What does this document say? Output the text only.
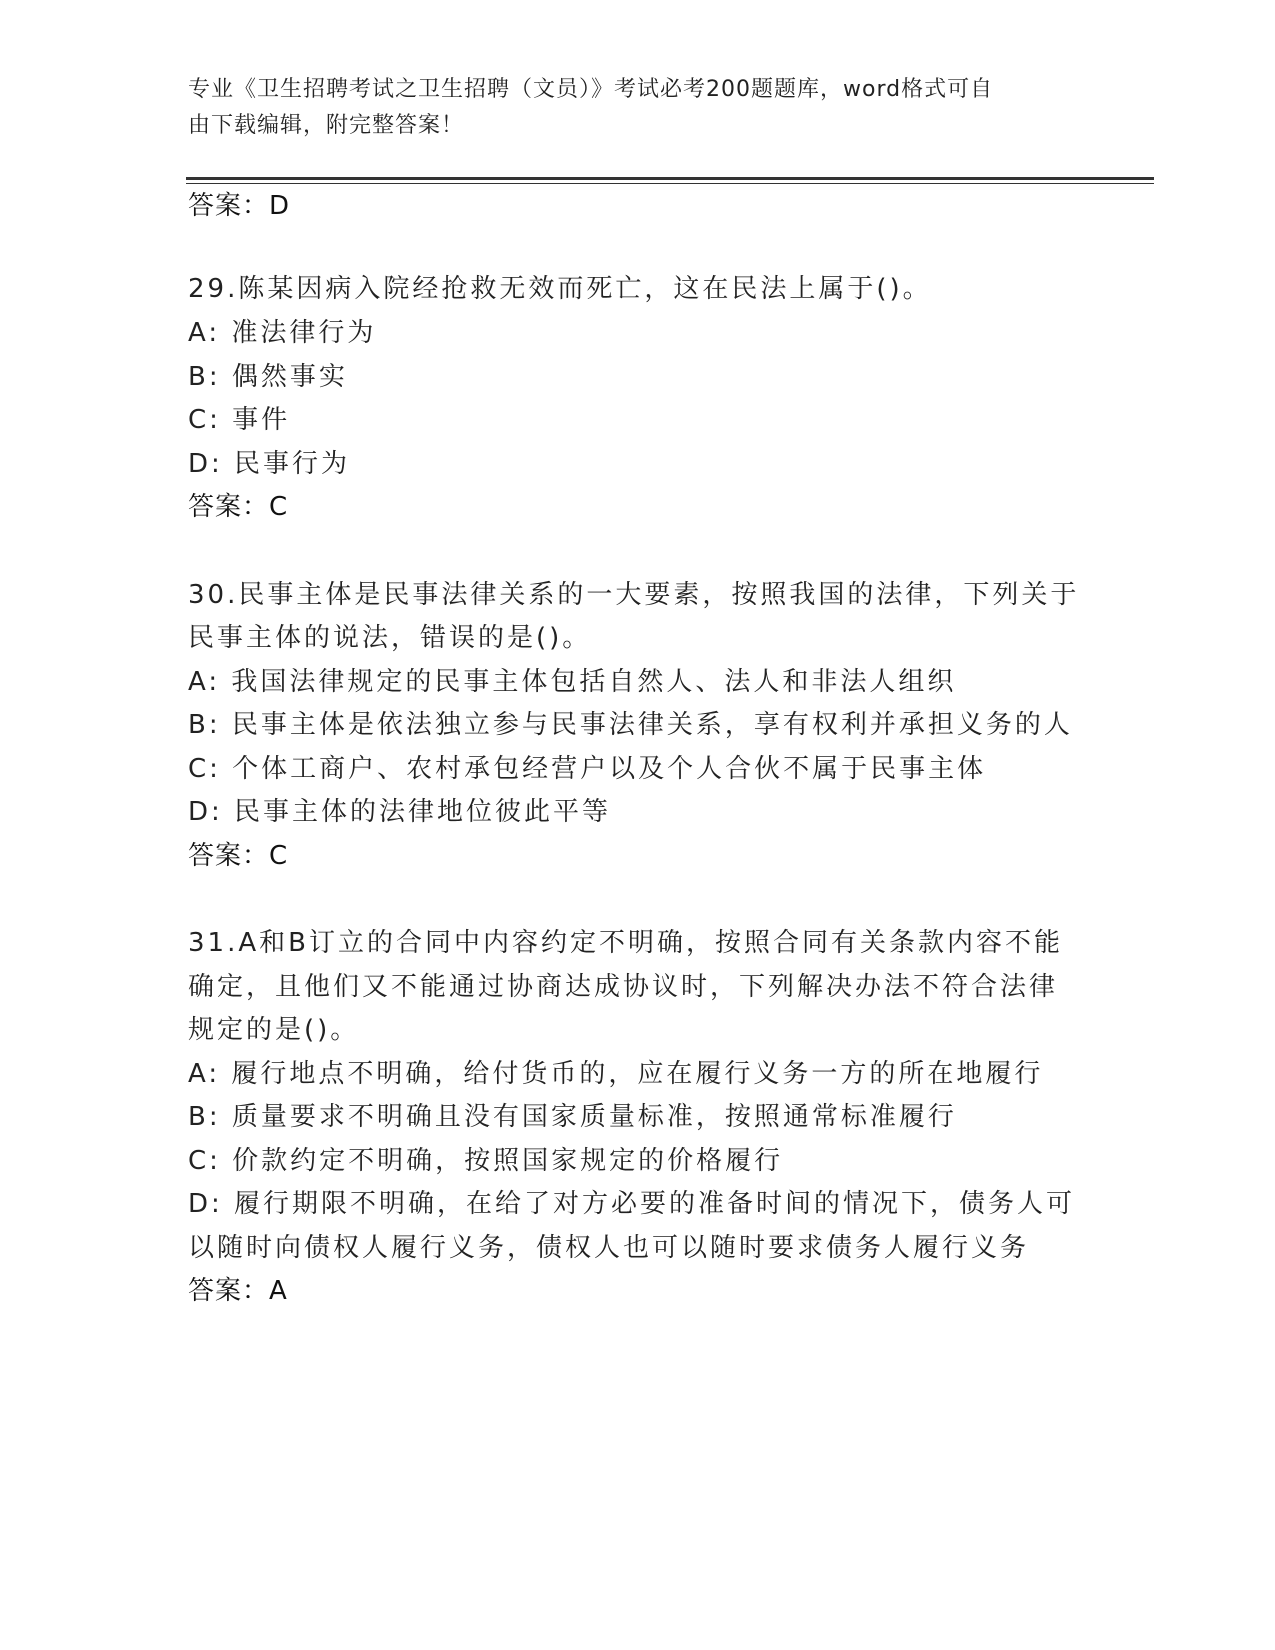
专业《卫生招聘考试之卫生招聘（文员）》考试必考200题题库，word格式可自
由下载编辑，附完整答案！
答案：D
29.陈某因病入院经抢救无效而死亡，这在民法上属于()。
A: 准法律行为
B: 偶然事实
C: 事件
D: 民事行为
答案：C
30.民事主体是民事法律关系的一大要素，按照我国的法律，下列关于
民事主体的说法，错误的是()。
A: 我国法律规定的民事主体包括自然人、法人和非法人组织
B: 民事主体是依法独立参与民事法律关系，享有权利并承担义务的人
C: 个体工商户、农村承包经营户以及个人合伙不属于民事主体
D: 民事主体的法律地位彼此平等
答案：C
31.A和B订立的合同中内容约定不明确，按照合同有关条款内容不能
确定，且他们又不能通过协商达成协议时，下列解决办法不符合法律
规定的是()。
A: 履行地点不明确，给付货币的，应在履行义务一方的所在地履行
B: 质量要求不明确且没有国家质量标准，按照通常标准履行
C: 价款约定不明确，按照国家规定的价格履行
D: 履行期限不明确，在给了对方必要的准备时间的情况下，债务人可
以随时向债权人履行义务，债权人也可以随时要求债务人履行义务
答案：A
